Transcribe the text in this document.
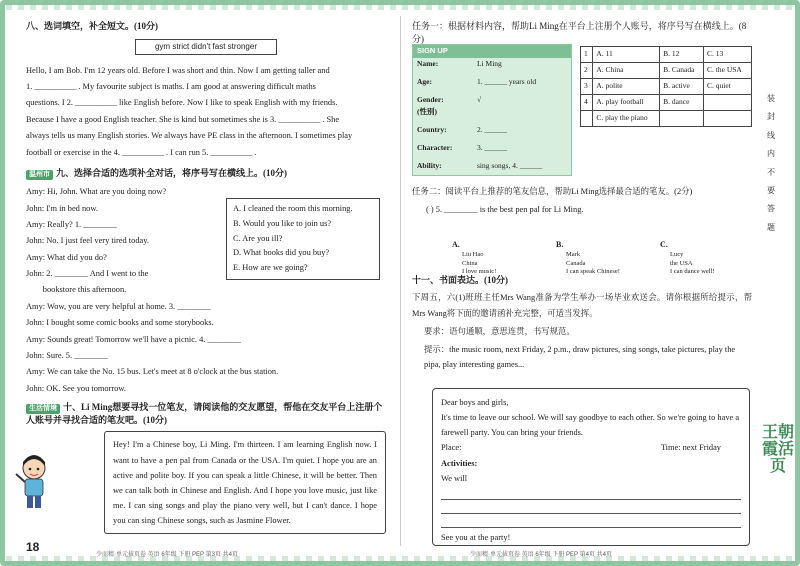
八、选词填空，补全短文。(10分)
gym strict didn't fast stronger
Hello, I am Bob. I'm 12 years old. Before I was short and thin. Now I am getting taller and
1. __________ . My favourite subject is maths. I am good at answering difficult maths
questions. I 2. __________ like English before. Now I like to speak English with my friends.
Because I have a good English teacher. She is kind but sometimes she is 3. __________ . She
always tells us many English stories. We always have PE class in the afternoon. I sometimes play
football or exercise in the 4. __________ . I can run 5. __________ .
温州市 九、选择合适的选项补全对话，将序号写在横线上。(10分)
Amy: Hi, John. What are you doing now?
John: I'm in bed now.
Amy: Really? 1. ________
John: No. I just feel very tired today.
Amy: What did you do?
John: 2. ________ And I went to the
bookstore this afternoon.
Amy: Wow, you are very helpful at home. 3. ________
John: I bought some comic books and some storybooks.
Amy: Sounds great! Tomorrow we'll have a picnic. 4. ________
John: Sure. 5. ________
Amy: We can take the No. 15 bus. Let's meet at 8 o'clock at the bus station.
John: OK. See you tomorrow.
A. I cleaned the room this morning.
B. Would you like to join us?
C. Are you ill?
D. What books did you buy?
E. How are we going?
生活情境 十、Li Ming想要寻找一位笔友，请阅读他的交友愿望，帮他在交友平台上注册个人账号并寻找合适的笔友吧。(10分)
Hey! I'm a Chinese boy, Li Ming. I'm thirteen. I am learning English now. I want to have a pen pal from Canada or the USA. I'm quiet. I hope you are an active and polite boy. If you can speak a little Chinese, it will be better. Then we can talk both in Chinese and English. And I hope you love music, just like me. I can sing songs and play the piano very well, but I can't dance. I hope you can sing Chinese songs, such as Jasmine Flower.
18
少而精·单元拔页卷 英语 6年级 下册 PEP 第3页 共4页
任务一：根据材料内容，帮助Li Ming在平台上注册个人账号，将序号写在横线上。(8分)
SIGN UP
Name:	Li Ming
Age:	1. ______ years old
Gender:	√
(性别)
Country:	2. ______
Character:	3. ______
Ability:	sing songs, 4. ______
1	A. 11	B. 12	C. 13
2	A. China	B. Canada	C. the USA
3	A. polite	B. active	C. quiet
4	A. play football	B. dance	
	C. play the piano		
任务二：阅读平台上推荐的笔友信息，帮助Li Ming选择最合适的笔友。(2分)
( ) 5. ________ is the best pen pal for Li Ming.
A.
Liu Hao
China
I love music!
B.
Mark
Canada
I can speak Chinese!
C.
Lucy
the USA
I can dance well!
十一、书面表达。(10分)
下周五，六(1)班班主任Mrs Wang准备为学生举办一场毕业欢送会。请你根据所给提示，帮Mrs Wang将下面的邀请函补充完整，可适当发挥。
要求：语句通顺，意思连贯，书写规范。
提示：the music room, next Friday, 2 p.m., draw pictures, sing songs, take pictures, play the pipa, play interesting games...
Dear boys and girls,
It's time to leave our school. We will say goodbye to each other. So we're going to have a farewell party. You can bring your friends.
Place:	Time: next Friday
Activities:
We will
See you at the party!
少而精·单元拔页卷 英语 6年级 下册 PEP 第4页 共4页
装
封
线
内
不
要
答
题
王朝霞活页
